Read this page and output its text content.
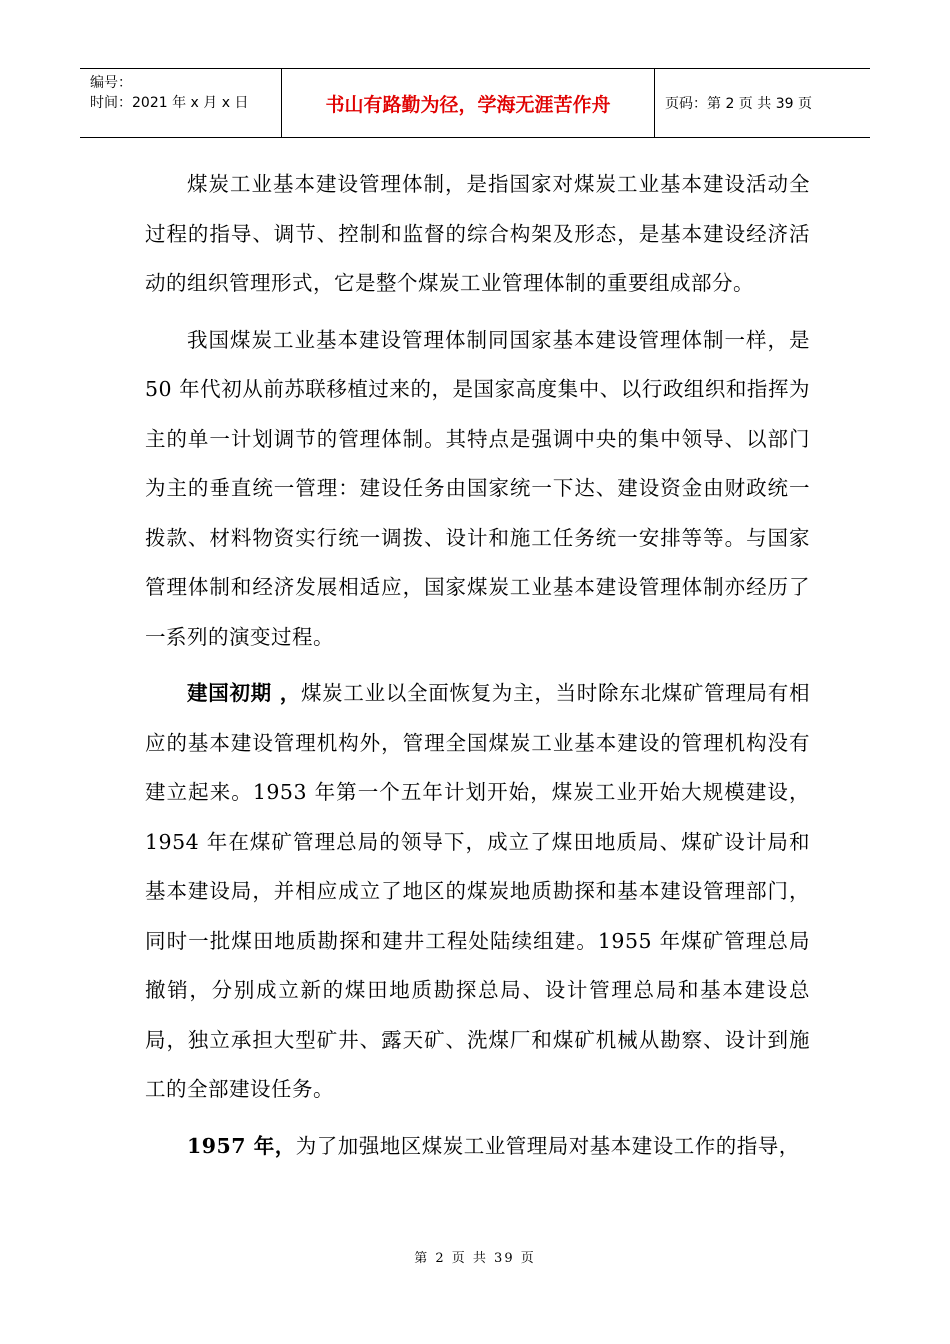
编号：
时间：2021 年 x 月 x 日	书山有路勤为径，学海无涯苦作舟	页码：第 2 页 共 39 页

煤炭工业基本建设管理体制，是指国家对煤炭工业基本建设活动全过程的指导、调节、控制和监督的综合构架及形态，是基本建设经济活动的组织管理形式，它是整个煤炭工业管理体制的重要组成部分。

我国煤炭工业基本建设管理体制同国家基本建设管理体制一样，是 50 年代初从前苏联移植过来的，是国家高度集中、以行政组织和指挥为主的单一计划调节的管理体制。其特点是强调中央的集中领导、以部门为主的垂直统一管理：建设任务由国家统一下达、建设资金由财政统一拨款、材料物资实行统一调拨、设计和施工任务统一安排等等。与国家管理体制和经济发展相适应，国家煤炭工业基本建设管理体制亦经历了一系列的演变过程。

建国初期 ，煤炭工业以全面恢复为主，当时除东北煤矿管理局有相应的基本建设管理机构外，管理全国煤炭工业基本建设的管理机构没有建立起来。1953 年第一个五年计划开始，煤炭工业开始大规模建设，1954 年在煤矿管理总局的领导下，成立了煤田地质局、煤矿设计局和基本建设局，并相应成立了地区的煤炭地质勘探和基本建设管理部门，同时一批煤田地质勘探和建井工程处陆续组建。1955 年煤矿管理总局撤销，分别成立新的煤田地质勘探总局、设计管理总局和基本建设总局，独立承担大型矿井、露天矿、洗煤厂和煤矿机械从勘察、设计到施工的全部建设任务。

1957 年，为了加强地区煤炭工业管理局对基本建设工作的指导，

第 2 页 共 39 页
